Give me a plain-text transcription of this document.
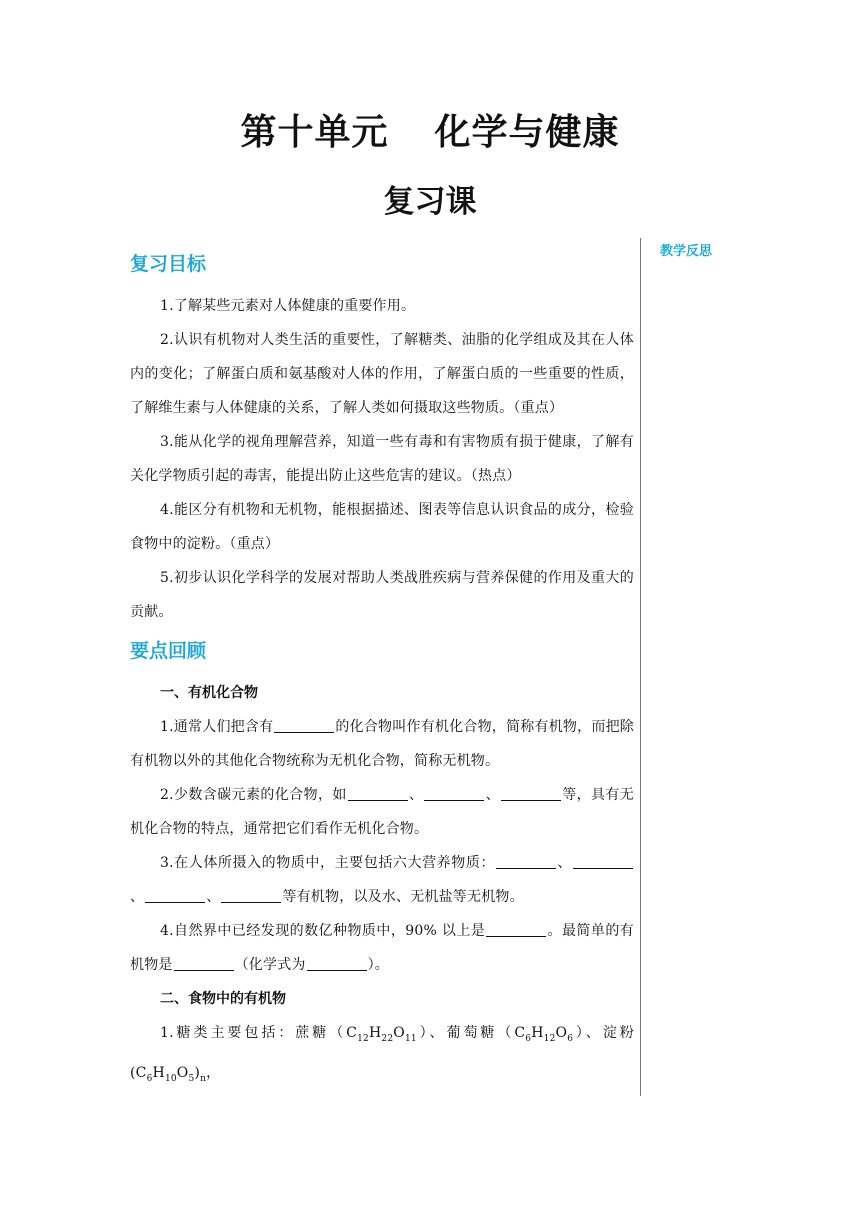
第十单元 化学与健康
复习课
教学反思
复习目标

1.了解某些元素对人体健康的重要作用。

2.认识有机物对人类生活的重要性，了解糖类、油脂的化学组成及其在人体内的变化；了解蛋白质和氨基酸对人体的作用，了解蛋白质的一些重要的性质，了解维生素与人体健康的关系，了解人类如何摄取这些物质。（重点）

3.能从化学的视角理解营养，知道一些有毒和有害物质有损于健康，了解有关化学物质引起的毒害，能提出防止这些危害的建议。（热点）

4.能区分有机物和无机物，能根据描述、图表等信息认识食品的成分，检验食物中的淀粉。（重点）

5.初步认识化学科学的发展对帮助人类战胜疾病与营养保健的作用及重大的贡献。

要点回顾

一、有机化合物

1.通常人们把含有	的化合物叫作有机化合物，简称有机物，而把除有机物以外的其他化合物统称为无机化合物，简称无机物。

2.少数含碳元素的化合物，如	、	、	等，具有无机化合物的特点，通常把它们看作无机化合物。

3.在人体所摄入的物质中，主要包括六大营养物质：	、、	、	等有机物，以及水、无机盐等无机物。

4.自然界中已经发现的数亿种物质中，90% 以上是	。最简单的有机物是	（化学式为	）。

二、食物中的有机物

1.糖类主要包括：蔗糖$(C_{12}H_{22}O_{11})$、葡萄糖$(C_6H_{12}O_6)$、淀粉$(C_6H_{10}O_5)_n$，
